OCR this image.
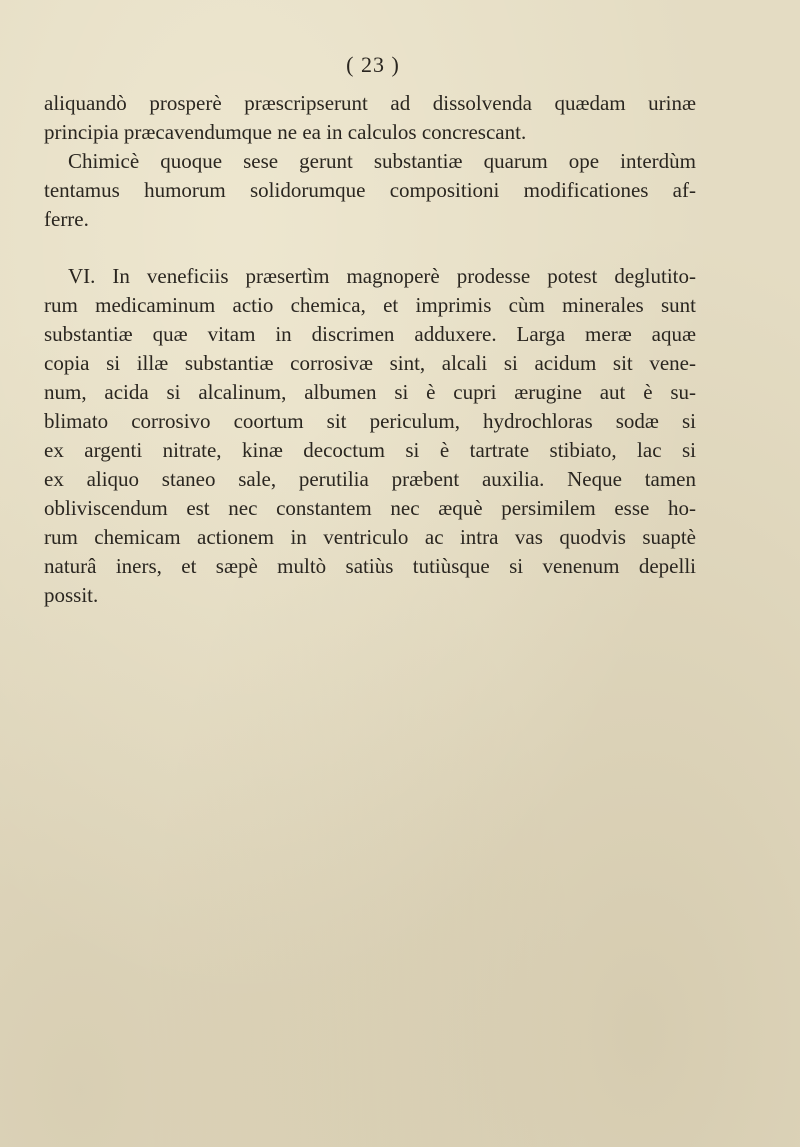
( 23 )
aliquandò prosperè præscripserunt ad dissolvenda quædam urinæ
principia præcavendumque ne ea in calculos concrescant.
Chimicè quoque sese gerunt substantiæ quarum ope interdùm
tentamus humorum solidorumque compositioni modificationes af-
ferre.
VI. In veneficiis præsertìm magnoperè prodesse potest deglutito-
rum medicaminum actio chemica, et imprimis cùm minerales sunt
substantiæ quæ vitam in discrimen adduxere. Larga meræ aquæ
copia si illæ substantiæ corrosivæ sint, alcali si acidum sit vene-
num, acida si alcalinum, albumen si è cupri ærugine aut è su-
blimato corrosivo coortum sit periculum, hydrochloras sodæ si
ex argenti nitrate, kinæ decoctum si è tartrate stibiato, lac si
ex aliquo staneo sale, perutilia præbent auxilia. Neque tamen
obliviscendum est nec constantem nec æquè persimilem esse ho-
rum chemicam actionem in ventriculo ac intra vas quodvis suaptè
naturâ iners, et sæpè multò satiùs tutiùsque si venenum depelli
possit.
